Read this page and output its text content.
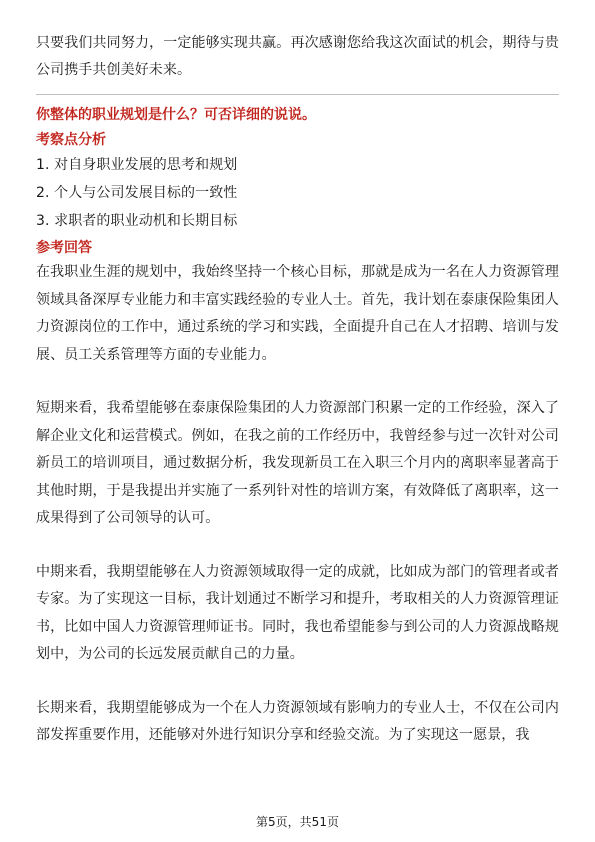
只要我们共同努力，一定能够实现共赢。再次感谢您给我这次面试的机会，期待与贵公司携手共创美好未来。

你整体的职业规划是什么？可否详细的说说。
考察点分析
1. 对自身职业发展的思考和规划
2. 个人与公司发展目标的一致性
3. 求职者的职业动机和长期目标
参考回答

在我职业生涯的规划中，我始终坚持一个核心目标，那就是成为一名在人力资源管理领域具备深厚专业能力和丰富实践经验的专业人士。首先，我计划在泰康保险集团人力资源岗位的工作中，通过系统的学习和实践，全面提升自己在人才招聘、培训与发展、员工关系管理等方面的专业能力。

短期来看，我希望能够在泰康保险集团的人力资源部门积累一定的工作经验，深入了解企业文化和运营模式。例如，在我之前的工作经历中，我曾经参与过一次针对公司新员工的培训项目，通过数据分析，我发现新员工在入职三个月内的离职率显著高于其他时期，于是我提出并实施了一系列针对性的培训方案，有效降低了离职率，这一成果得到了公司领导的认可。

中期来看，我期望能够在人力资源领域取得一定的成就，比如成为部门的管理者或者专家。为了实现这一目标，我计划通过不断学习和提升，考取相关的人力资源管理证书，比如中国人力资源管理师证书。同时，我也希望能参与到公司的人力资源战略规划中，为公司的长远发展贡献自己的力量。

长期来看，我期望能够成为一个在人力资源领域有影响力的专业人士，不仅在公司内部发挥重要作用，还能够对外进行知识分享和经验交流。为了实现这一愿景，我

第5页，共51页
